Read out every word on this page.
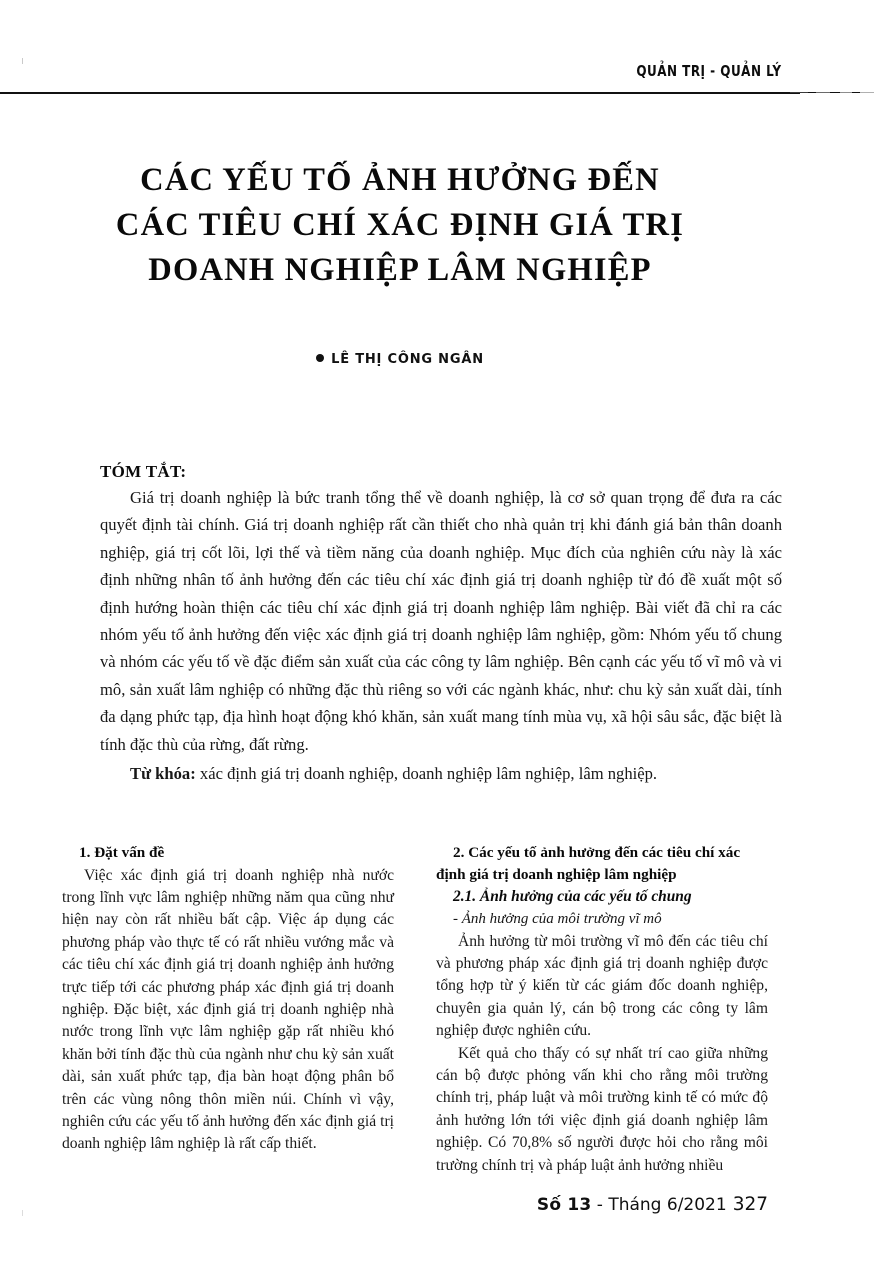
QUẢN TRỊ - QUẢN LÝ
CÁC YẾU TỐ ẢNH HƯỞNG ĐẾN
CÁC TIÊU CHÍ XÁC ĐỊNH GIÁ TRỊ
DOANH NGHIỆP LÂM NGHIỆP
LÊ THỊ CÔNG NGÂN
TÓM TẮT:

Giá trị doanh nghiệp là bức tranh tổng thể về doanh nghiệp, là cơ sở quan trọng để đưa ra các quyết định tài chính. Giá trị doanh nghiệp rất cần thiết cho nhà quản trị khi đánh giá bản thân doanh nghiệp, giá trị cốt lõi, lợi thế và tiềm năng của doanh nghiệp. Mục đích của nghiên cứu này là xác định những nhân tố ảnh hưởng đến các tiêu chí xác định giá trị doanh nghiệp từ đó đề xuất một số định hướng hoàn thiện các tiêu chí xác định giá trị doanh nghiệp lâm nghiệp. Bài viết đã chỉ ra các nhóm yếu tố ảnh hưởng đến việc xác định giá trị doanh nghiệp lâm nghiệp, gồm: Nhóm yếu tố chung và nhóm các yếu tố về đặc điểm sản xuất của các công ty lâm nghiệp. Bên cạnh các yếu tố vĩ mô và vi mô, sản xuất lâm nghiệp có những đặc thù riêng so với các ngành khác, như: chu kỳ sản xuất dài, tính đa dạng phức tạp, địa hình hoạt động khó khăn, sản xuất mang tính mùa vụ, xã hội sâu sắc, đặc biệt là tính đặc thù của rừng, đất rừng.

Từ khóa: xác định giá trị doanh nghiệp, doanh nghiệp lâm nghiệp, lâm nghiệp.

1. Đặt vấn đề

Việc xác định giá trị doanh nghiệp nhà nước trong lĩnh vực lâm nghiệp những năm qua cũng như hiện nay còn rất nhiều bất cập. Việc áp dụng các phương pháp vào thực tế có rất nhiều vướng mắc và các tiêu chí xác định giá trị doanh nghiệp ảnh hưởng trực tiếp tới các phương pháp xác định giá trị doanh nghiệp. Đặc biệt, xác định giá trị doanh nghiệp nhà nước trong lĩnh vực lâm nghiệp gặp rất nhiều khó khăn bởi tính đặc thù của ngành như chu kỳ sản xuất dài, sản xuất phức tạp, địa bàn hoạt động phân bổ trên các vùng nông thôn miền núi. Chính vì vậy, nghiên cứu các yếu tố ảnh hưởng đến xác định giá trị doanh nghiệp lâm nghiệp là rất cấp thiết.

2. Các yếu tố ảnh hưởng đến các tiêu chí xác định giá trị doanh nghiệp lâm nghiệp

2.1. Ảnh hưởng của các yếu tố chung

- Ảnh hưởng của môi trường vĩ mô

Ảnh hưởng từ môi trường vĩ mô đến các tiêu chí và phương pháp xác định giá trị doanh nghiệp được tổng hợp từ ý kiến từ các giám đốc doanh nghiệp, chuyên gia quản lý, cán bộ trong các công ty lâm nghiệp được nghiên cứu.

Kết quả cho thấy có sự nhất trí cao giữa những cán bộ được phỏng vấn khi cho rằng môi trường chính trị, pháp luật và môi trường kinh tế có mức độ ảnh hưởng lớn tới việc định giá doanh nghiệp lâm nghiệp. Có 70,8% số người được hỏi cho rằng môi trường chính trị và pháp luật ảnh hưởng nhiều

Số 13 - Tháng 6/2021 327
